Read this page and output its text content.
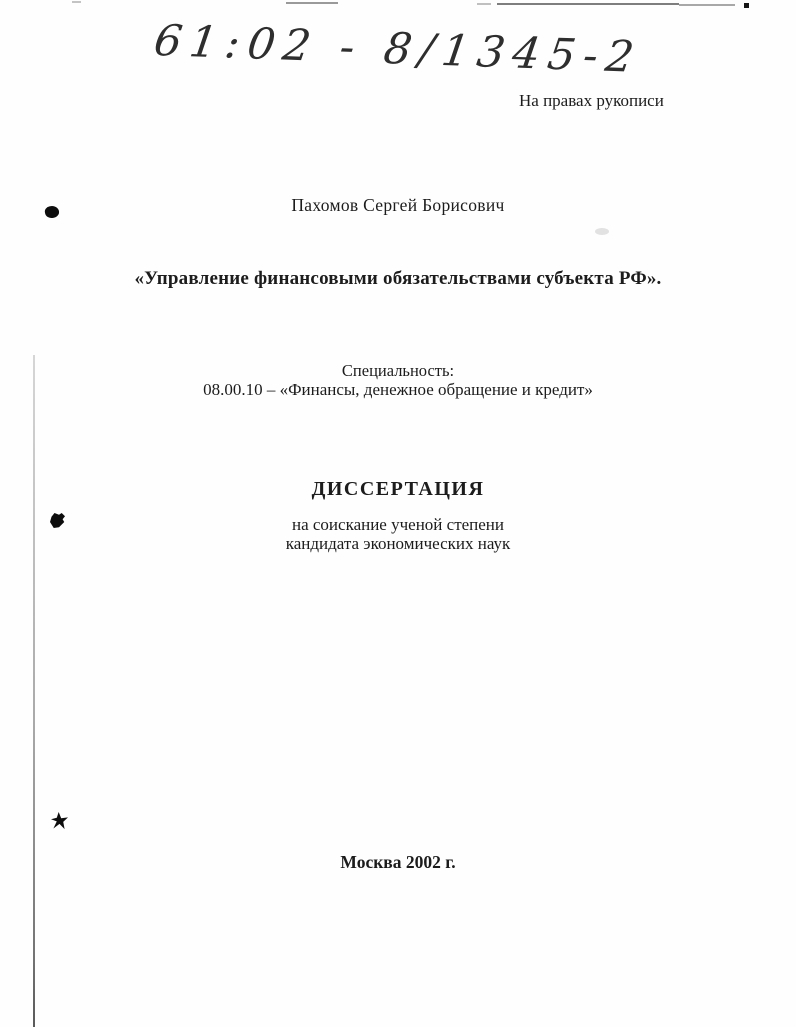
61:02 - 8/1345-2
На правах рукописи
Пахомов Сергей Борисович
«Управление финансовыми обязательствами субъекта РФ».
Специальность:
08.00.10 – «Финансы, денежное обращение и кредит»
ДИССЕРТАЦИЯ
на соискание ученой степени
кандидата экономических наук
Москва 2002 г.
